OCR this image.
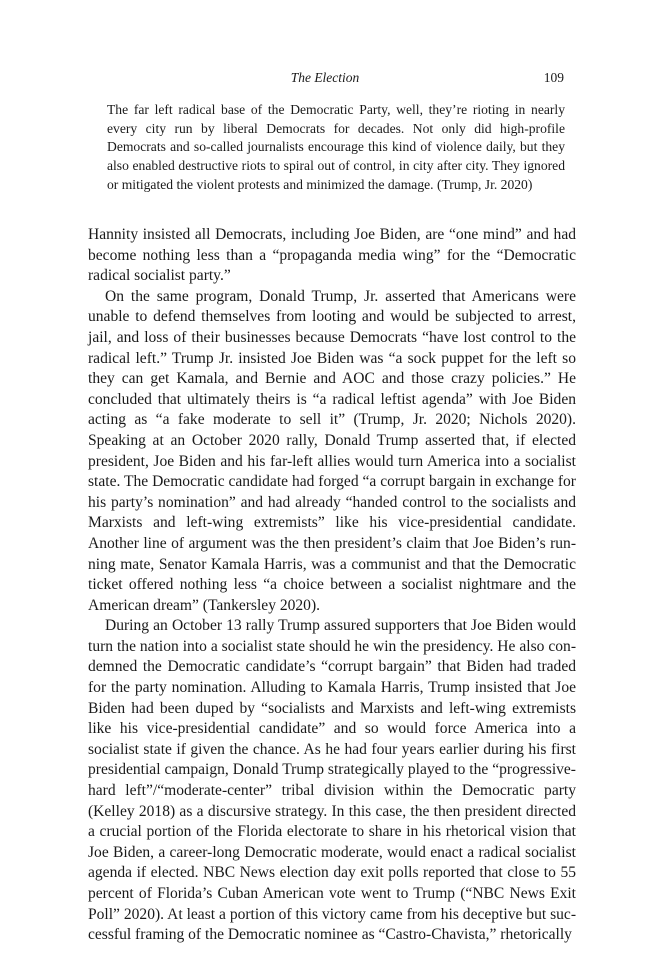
The Election	109

The far left radical base of the Democratic Party, well, they’re rioting in nearly every city run by liberal Democrats for decades. Not only did high-profile Democrats and so-called journalists encourage this kind of violence daily, but they also enabled destructive riots to spiral out of control, in city after city. They ignored or mitigated the violent protests and minimized the damage. (Trump, Jr. 2020)

Hannity insisted all Democrats, including Joe Biden, are “one mind” and had become nothing less than a “propaganda media wing” for the “Democratic radical socialist party.”

On the same program, Donald Trump, Jr. asserted that Americans were unable to defend themselves from looting and would be subjected to arrest, jail, and loss of their businesses because Democrats “have lost control to the radical left.” Trump Jr. insisted Joe Biden was “a sock puppet for the left so they can get Kamala, and Bernie and AOC and those crazy policies.” He concluded that ultimately theirs is “a radical leftist agenda” with Joe Biden acting as “a fake moderate to sell it” (Trump, Jr. 2020; Nichols 2020). Speaking at an October 2020 rally, Donald Trump asserted that, if elected president, Joe Biden and his far-left allies would turn America into a socialist state. The Democratic candidate had forged “a corrupt bargain in exchange for his party’s nomination” and had already “handed control to the socialists and Marxists and left-wing extremists” like his vice-presidential candidate. Another line of argument was the then president’s claim that Joe Biden’s running mate, Senator Kamala Harris, was a communist and that the Democratic ticket offered nothing less “a choice between a socialist nightmare and the American dream” (Tankersley 2020).

During an October 13 rally Trump assured supporters that Joe Biden would turn the nation into a socialist state should he win the presidency. He also condemned the Democratic candidate’s “corrupt bargain” that Biden had traded for the party nomination. Alluding to Kamala Harris, Trump insisted that Joe Biden had been duped by “socialists and Marxists and left-wing extremists like his vice-presidential candidate” and so would force America into a socialist state if given the chance. As he had four years earlier during his first presidential campaign, Donald Trump strategically played to the “progressive-hard left”/“moderate-center” tribal division within the Democratic party (Kelley 2018) as a discursive strategy. In this case, the then president directed a crucial portion of the Florida electorate to share in his rhetorical vision that Joe Biden, a career-long Democratic moderate, would enact a radical socialist agenda if elected. NBC News election day exit polls reported that close to 55 percent of Florida’s Cuban American vote went to Trump (“NBC News Exit Poll” 2020). At least a portion of this victory came from his deceptive but successful framing of the Democratic nominee as “Castro-Chavista,” rhetorically
